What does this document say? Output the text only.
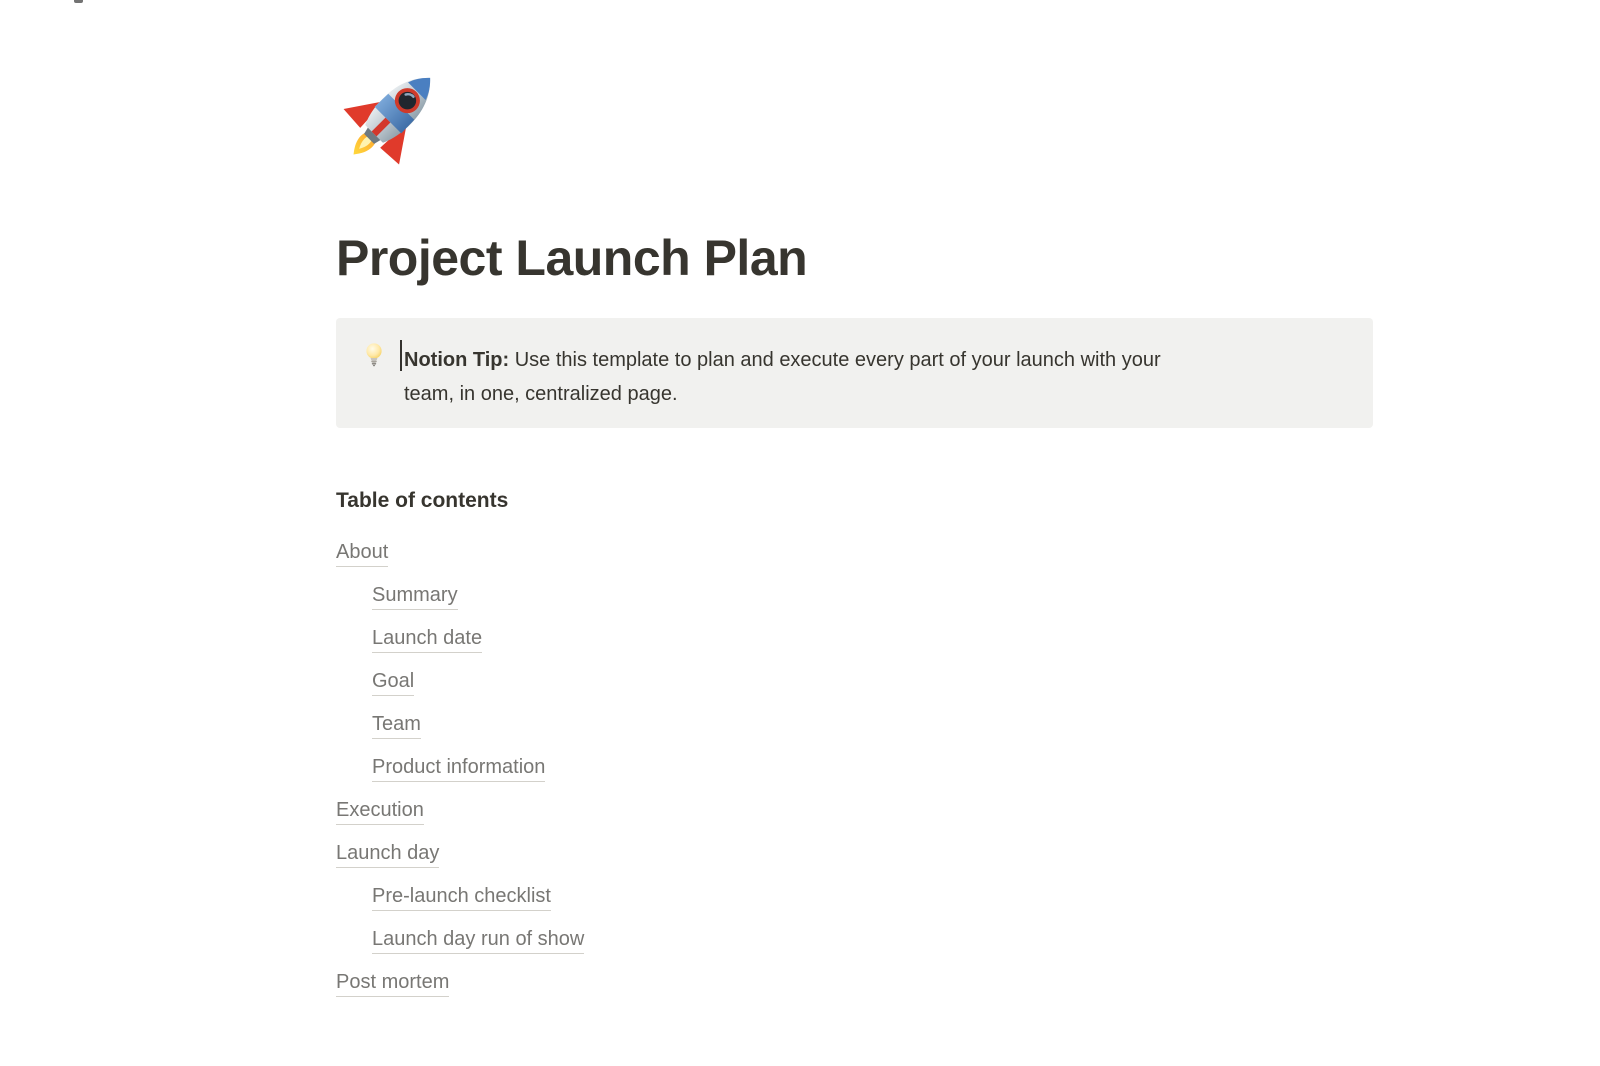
Project Launch Plan
Notion Tip: Use this template to plan and execute every part of your launch with your
team, in one, centralized page.
Table of contents
About
Summary
Launch date
Goal
Team
Product information
Execution
Launch day
Pre-launch checklist
Launch day run of show
Post mortem
